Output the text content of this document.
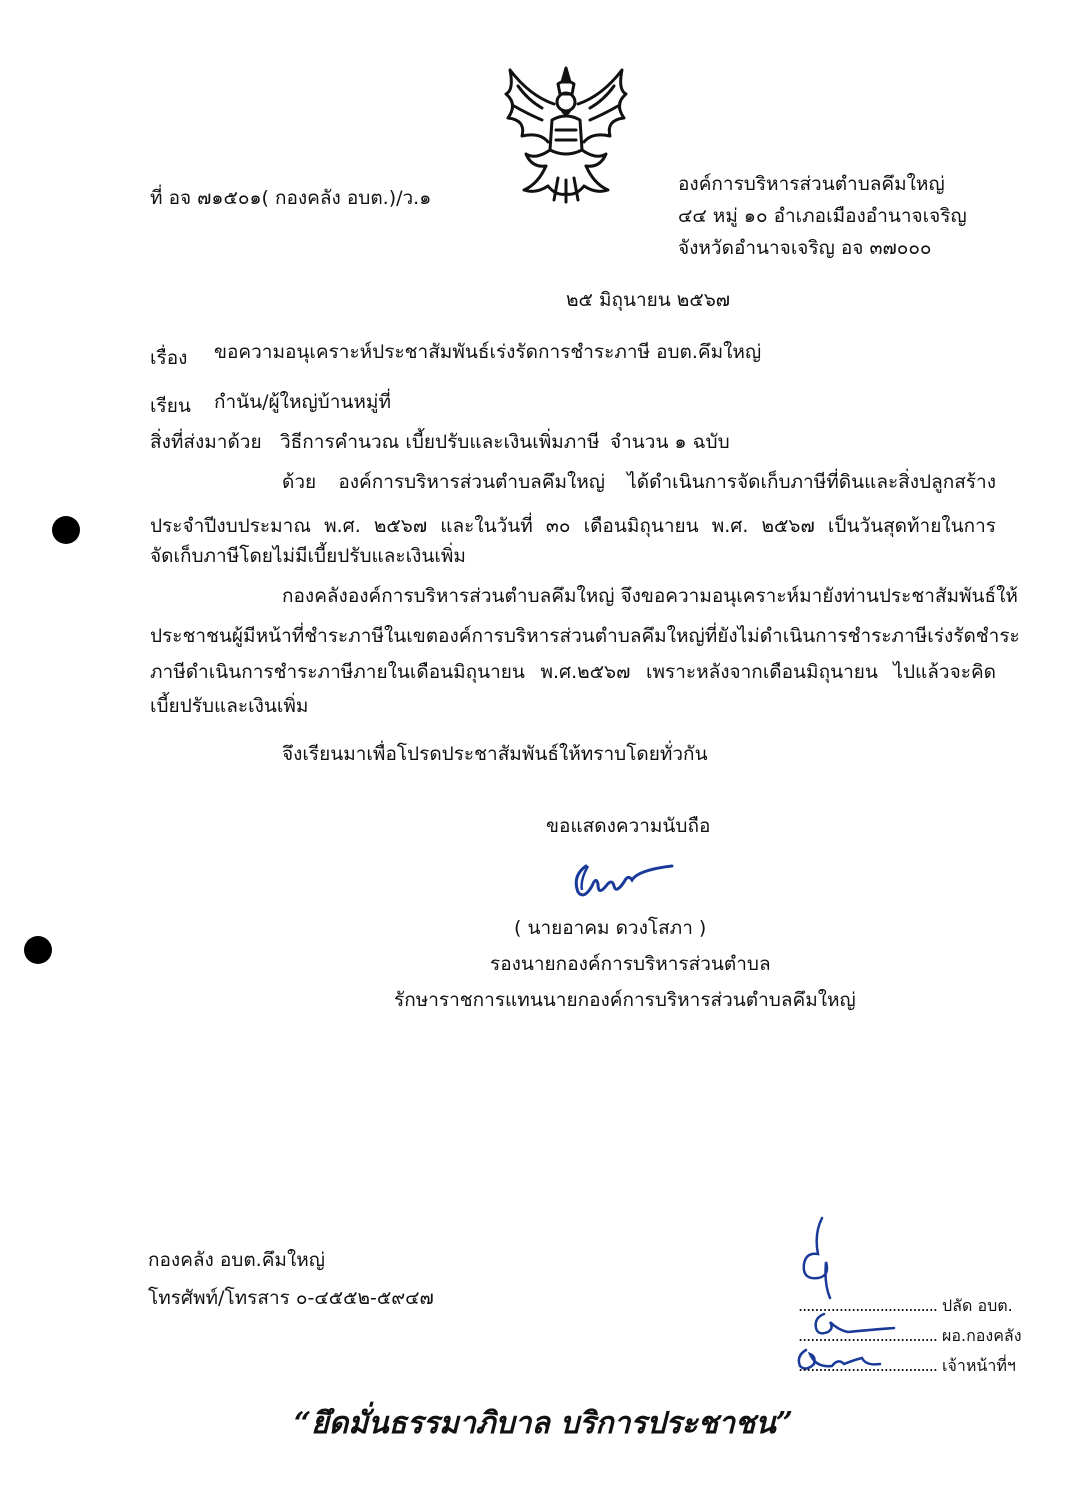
ที่ อจ ๗๑๕๐๑( กองคลัง อบต.)/ว.๑
องค์การบริหารส่วนตำบลคึมใหญ่
๔๔ หมู่ ๑๐ อำเภอเมืองอำนาจเจริญ
จังหวัดอำนาจเจริญ อจ ๓๗๐๐๐
๒๕ มิถุนายน ๒๕๖๗
เรื่อง ขอความอนุเคราะห์ประชาสัมพันธ์เร่งรัดการชำระภาษี อบต.คึมใหญ่
เรียน กำนัน/ผู้ใหญ่บ้านหมู่ที่
สิ่งที่ส่งมาด้วย วิธีการคำนวณ เบี้ยปรับและเงินเพิ่มภาษี จำนวน ๑ ฉบับ
ด้วย องค์การบริหารส่วนตำบลคึมใหญ่ ได้ดำเนินการจัดเก็บภาษีที่ดินและสิ่งปลูกสร้าง
ประจำปีงบประมาณ พ.ศ. ๒๕๖๗ และในวันที่ ๓๐ เดือนมิถุนายน พ.ศ. ๒๕๖๗ เป็นวันสุดท้ายในการ
จัดเก็บภาษีโดยไม่มีเบี้ยปรับและเงินเพิ่ม
กองคลังองค์การบริหารส่วนตำบลคึมใหญ่ จึงขอความอนุเคราะห์มายังท่านประชาสัมพันธ์ให้
ประชาชนผู้มีหน้าที่ชำระภาษีในเขตองค์การบริหารส่วนตำบลคึมใหญ่ที่ยังไม่ดำเนินการชำระภาษีเร่งรัดชำระ
ภาษีดำเนินการชำระภาษีภายในเดือนมิถุนายน พ.ศ.๒๕๖๗ เพราะหลังจากเดือนมิถุนายน ไปแล้วจะคิด
เบี้ยปรับและเงินเพิ่ม
จึงเรียนมาเพื่อโปรดประชาสัมพันธ์ให้ทราบโดยทั่วกัน
ขอแสดงความนับถือ
( นายอาคม ดวงโสภา )
รองนายกองค์การบริหารส่วนตำบล
รักษาราชการแทนนายกองค์การบริหารส่วนตำบลคึมใหญ่
กองคลัง อบต.คึมใหญ่
โทรศัพท์/โทรสาร ๐-๔๕๕๒-๕๙๔๗	.................................. ปลัด อบต.
.................................. ผอ.กองคลัง
.................................. เจ้าหน้าที่ฯ
“ยึดมั่นธรรมาภิบาล บริการประชาชน”
